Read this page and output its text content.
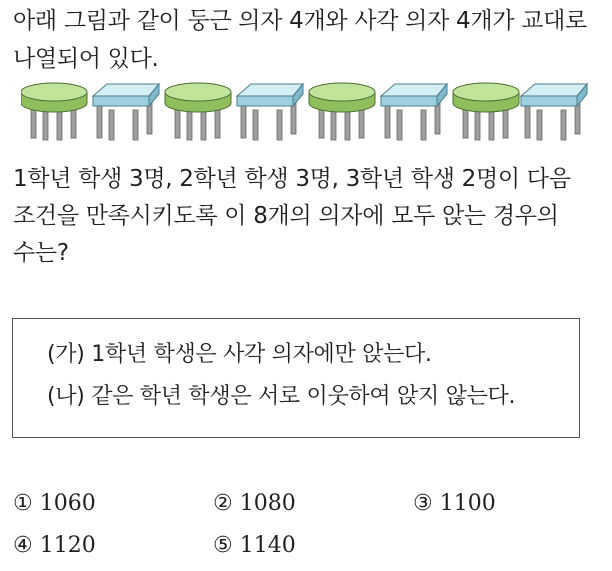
아래 그림과 같이 둥근 의자 4개와 사각 의자 4개가 교대로
나열되어 있다.
1학년 학생 3명, 2학년 학생 3명, 3학년 학생 2명이 다음
조건을 만족시키도록 이 8개의 의자에 모두 앉는 경우의
수는?
(가) 1학년 학생은 사각 의자에만 앉는다.
(나) 같은 학년 학생은 서로 이웃하여 앉지 않는다.
① 1060	② 1080	③ 1100
④ 1120	⑤ 1140
